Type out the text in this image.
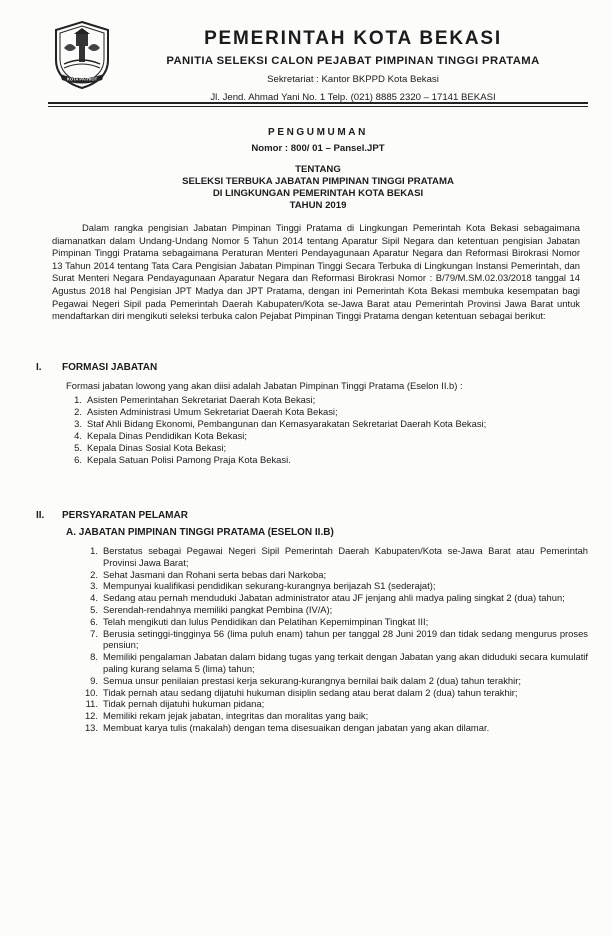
KOTA PATRIOT
PEMERINTAH KOTA BEKASI
PANITIA SELEKSI CALON PEJABAT PIMPINAN TINGGI PRATAMA
Sekretariat : Kantor BKPPD Kota Bekasi
Jl. Jend. Ahmad Yani No. 1 Telp. (021) 8885 2320 – 17141 BEKASI
PENGUMUMAN
Nomor : 800/ 01 – Pansel.JPT
TENTANG
SELEKSI TERBUKA JABATAN PIMPINAN TINGGI PRATAMA
DI LINGKUNGAN PEMERINTAH KOTA BEKASI
TAHUN 2019

Dalam rangka pengisian Jabatan Pimpinan Tinggi Pratama di Lingkungan Pemerintah Kota Bekasi sebagaimana diamanatkan dalam Undang-Undang Nomor 5 Tahun 2014 tentang Aparatur Sipil Negara dan ketentuan pengisian Jabatan Pimpinan Tinggi Pratama sebagaimana Peraturan Menteri Pendayagunaan Aparatur Negara dan Reformasi Birokrasi Nomor 13 Tahun 2014 tentang Tata Cara Pengisian Jabatan Pimpinan Tinggi Secara Terbuka di Lingkungan Instansi Pemerintah, dan Surat Menteri Negara Pendayagunaan Aparatur Negara dan Reformasi Birokrasi Nomor : B/79/M.SM.02.03/2018 tanggal 14 Agustus 2018 hal Pengisian JPT Madya dan JPT Pratama, dengan ini Pemerintah Kota Bekasi membuka kesempatan bagi Pegawai Negeri Sipil pada Pemerintah Daerah Kabupaten/Kota se-Jawa Barat atau Pemerintah Provinsi Jawa Barat untuk mendaftarkan diri mengikuti seleksi terbuka calon Pejabat Pimpinan Tinggi Pratama dengan ketentuan sebagai berikut:

I. FORMASI JABATAN
Formasi jabatan lowong yang akan diisi adalah Jabatan Pimpinan Tinggi Pratama (Eselon II.b) :
1. Asisten Pemerintahan Sekretariat Daerah Kota Bekasi;
2. Asisten Administrasi Umum Sekretariat Daerah Kota Bekasi;
3. Staf Ahli Bidang Ekonomi, Pembangunan dan Kemasyarakatan Sekretariat Daerah Kota Bekasi;
4. Kepala Dinas Pendidikan Kota Bekasi;
5. Kepala Dinas Sosial Kota Bekasi;
6. Kepala Satuan Polisi Pamong Praja Kota Bekasi.
II. PERSYARATAN PELAMAR
A. JABATAN PIMPINAN TINGGI PRATAMA (ESELON II.B)
1. Berstatus sebagai Pegawai Negeri Sipil Pemerintah Daerah Kabupaten/Kota se-Jawa Barat atau Pemerintah Provinsi Jawa Barat;
2. Sehat Jasmani dan Rohani serta bebas dari Narkoba;
3. Mempunyai kualifikasi pendidikan sekurang-kurangnya berijazah S1 (sederajat);
4. Sedang atau pernah menduduki Jabatan administrator atau JF jenjang ahli madya paling singkat 2 (dua) tahun;
5. Serendah-rendahnya memiliki pangkat Pembina (IV/A);
6. Telah mengikuti dan lulus Pendidikan dan Pelatihan Kepemimpinan Tingkat III;
7. Berusia setinggi-tingginya 56 (lima puluh enam) tahun per tanggal 28 Juni 2019 dan tidak sedang mengurus proses pensiun;
8. Memiliki pengalaman Jabatan dalam bidang tugas yang terkait dengan Jabatan yang akan diduduki secara kumulatif paling kurang selama 5 (lima) tahun;
9. Semua unsur penilaian prestasi kerja sekurang-kurangnya bernilai baik dalam 2 (dua) tahun terakhir;
10. Tidak pernah atau sedang dijatuhi hukuman disiplin sedang atau berat dalam 2 (dua) tahun terakhir;
11. Tidak pernah dijatuhi hukuman pidana;
12. Memiliki rekam jejak jabatan, integritas dan moralitas yang baik;
13. Membuat karya tulis (makalah) dengan tema disesuaikan dengan jabatan yang akan dilamar.
